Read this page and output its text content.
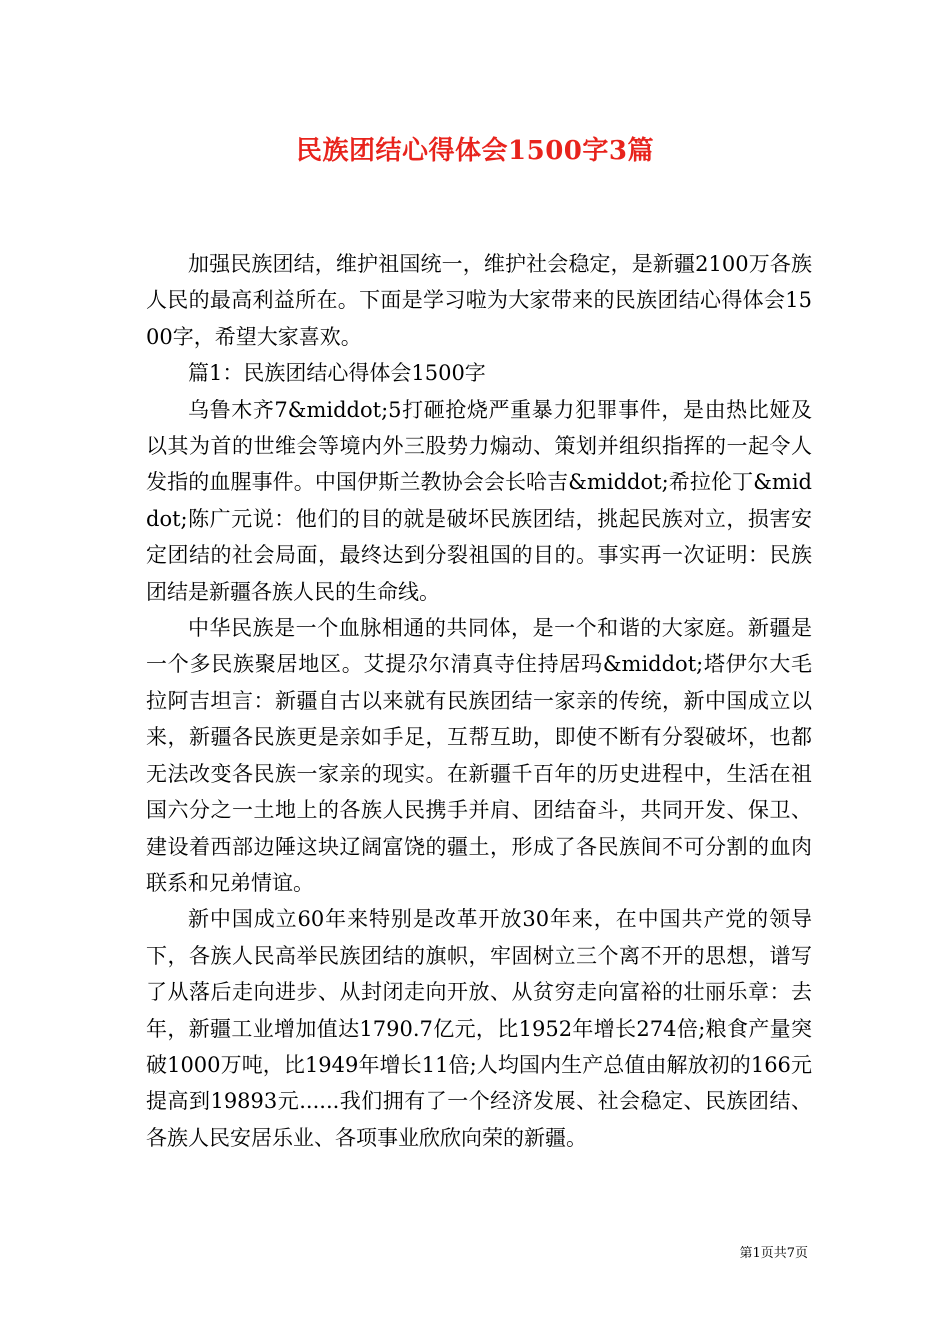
民族团结心得体会1500字3篇

加强民族团结，维护祖国统一，维护社会稳定，是新疆2100万各族人民的最高利益所在。下面是学习啦为大家带来的民族团结心得体会1500字，希望大家喜欢。

篇1：民族团结心得体会1500字

乌鲁木齐7&middot;5打砸抢烧严重暴力犯罪事件，是由热比娅及以其为首的世维会等境内外三股势力煽动、策划并组织指挥的一起令人发指的血腥事件。中国伊斯兰教协会会长哈吉&middot;希拉伦丁&middot;陈广元说：他们的目的就是破坏民族团结，挑起民族对立，损害安定团结的社会局面，最终达到分裂祖国的目的。事实再一次证明：民族团结是新疆各族人民的生命线。

中华民族是一个血脉相通的共同体，是一个和谐的大家庭。新疆是一个多民族聚居地区。艾提尕尔清真寺住持居玛&middot;塔伊尔大毛拉阿吉坦言：新疆自古以来就有民族团结一家亲的传统，新中国成立以来，新疆各民族更是亲如手足，互帮互助，即使不断有分裂破坏，也都无法改变各民族一家亲的现实。在新疆千百年的历史进程中，生活在祖国六分之一土地上的各族人民携手并肩、团结奋斗，共同开发、保卫、建设着西部边陲这块辽阔富饶的疆土，形成了各民族间不可分割的血肉联系和兄弟情谊。

新中国成立60年来特别是改革开放30年来，在中国共产党的领导下，各族人民高举民族团结的旗帜，牢固树立三个离不开的思想，谱写了从落后走向进步、从封闭走向开放、从贫穷走向富裕的壮丽乐章：去年，新疆工业增加值达1790.7亿元，比1952年增长274倍;粮食产量突破1000万吨，比1949年增长11倍;人均国内生产总值由解放初的166元提高到19893元......我们拥有了一个经济发展、社会稳定、民族团结、各族人民安居乐业、各项事业欣欣向荣的新疆。

第1页共7页
